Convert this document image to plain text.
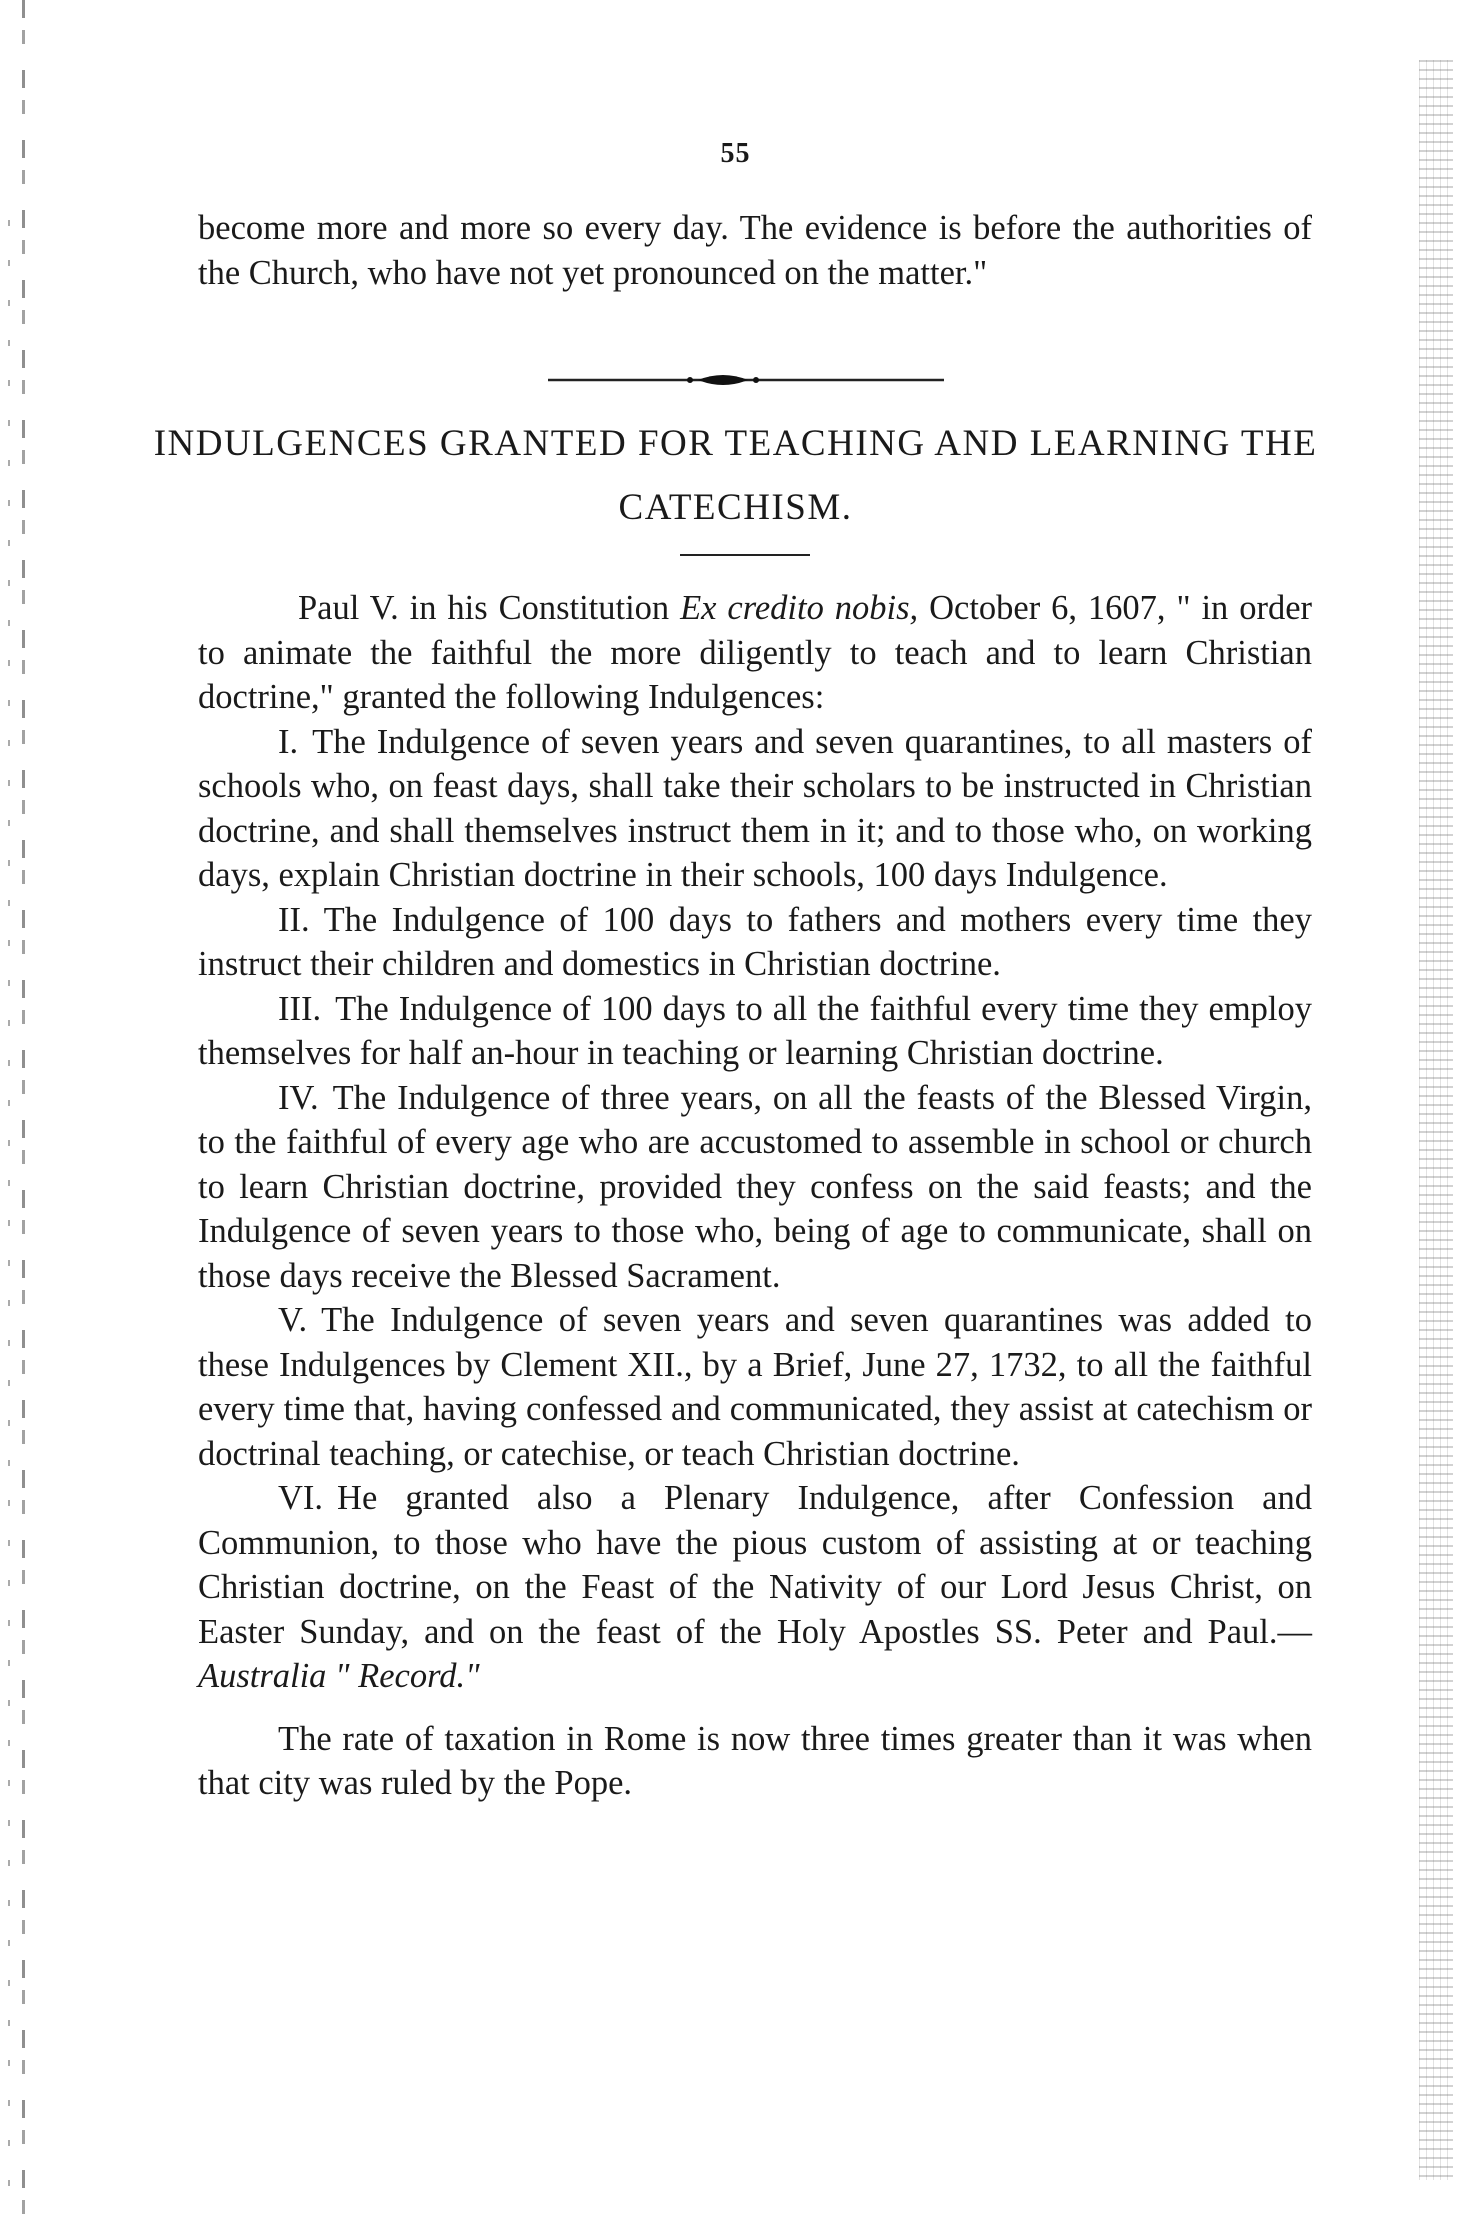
55

become more and more so every day. The evidence is before the authorities of the Church, who have not yet pronounced on the matter."

INDULGENCES GRANTED FOR TEACHING AND LEARNING THE CATECHISM.

Paul V. in his Constitution Ex credito nobis, October 6, 1607, " in order to animate the faithful the more diligently to teach and to learn Christian doctrine," granted the following Indulgences:

I. The Indulgence of seven years and seven quarantines, to all masters of schools who, on feast days, shall take their scholars to be instructed in Christian doctrine, and shall themselves instruct them in it; and to those who, on working days, explain Christian doctrine in their schools, 100 days Indulgence.

II. The Indulgence of 100 days to fathers and mothers every time they instruct their children and domestics in Christian doctrine.

III. The Indulgence of 100 days to all the faithful every time they employ themselves for half an-hour in teaching or learning Christian doctrine.

IV. The Indulgence of three years, on all the feasts of the Blessed Virgin, to the faithful of every age who are accustomed to assemble in school or church to learn Christian doctrine, provided they confess on the said feasts; and the Indulgence of seven years to those who, being of age to communicate, shall on those days receive the Blessed Sacrament.

V. The Indulgence of seven years and seven quarantines was added to these Indulgences by Clement XII., by a Brief, June 27, 1732, to all the faithful every time that, having confessed and communicated, they assist at catechism or doctrinal teaching, or catechise, or teach Christian doctrine.

VI. He granted also a Plenary Indulgence, after Confession and Communion, to those who have the pious custom of assisting at or teaching Christian doctrine, on the Feast of the Nativity of our Lord Jesus Christ, on Easter Sunday, and on the feast of the Holy Apostles SS. Peter and Paul.—Australia " Record."

The rate of taxation in Rome is now three times greater than it was when that city was ruled by the Pope.
